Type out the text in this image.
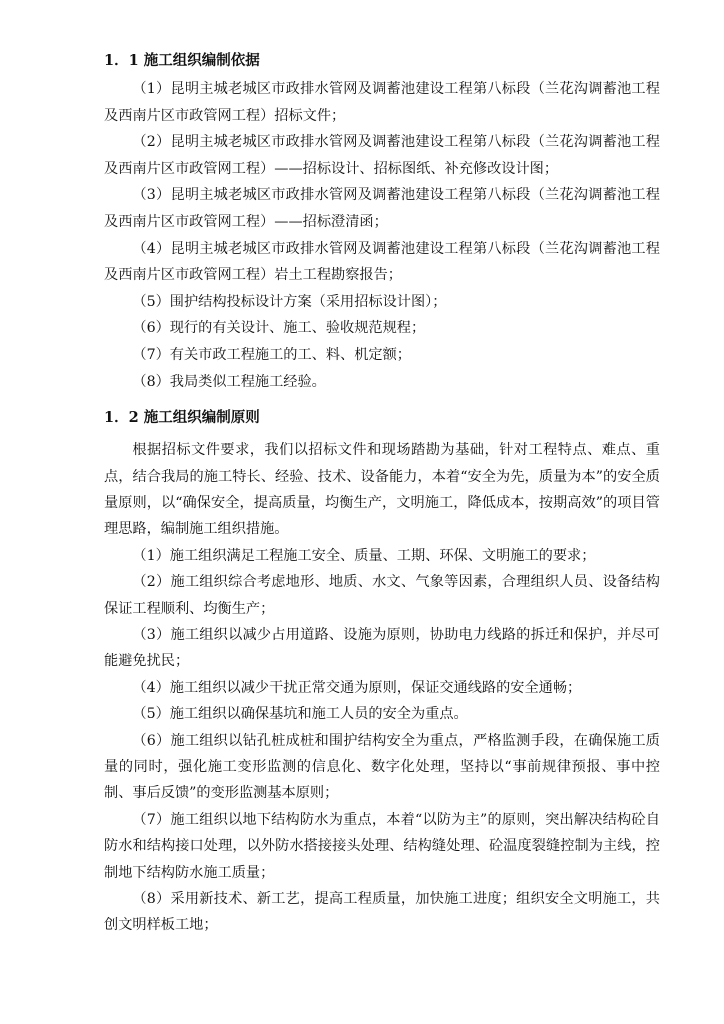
1．1 施工组织编制依据

（1）昆明主城老城区市政排水管网及调蓄池建设工程第八标段（兰花沟调蓄池工程及西南片区市政管网工程）招标文件；

（2）昆明主城老城区市政排水管网及调蓄池建设工程第八标段（兰花沟调蓄池工程及西南片区市政管网工程）——招标设计、招标图纸、补充修改设计图；

（3）昆明主城老城区市政排水管网及调蓄池建设工程第八标段（兰花沟调蓄池工程及西南片区市政管网工程）——招标澄清函；

（4）昆明主城老城区市政排水管网及调蓄池建设工程第八标段（兰花沟调蓄池工程及西南片区市政管网工程）岩土工程勘察报告；

（5）围护结构投标设计方案（采用招标设计图）；

（6）现行的有关设计、施工、验收规范规程；

（7）有关市政工程施工的工、料、机定额；

（8）我局类似工程施工经验。

1．2 施工组织编制原则

根据招标文件要求，我们以招标文件和现场踏勘为基础，针对工程特点、难点、重点，结合我局的施工特长、经验、技术、设备能力，本着“安全为先，质量为本”的安全质量原则，以“确保安全，提高质量，均衡生产，文明施工，降低成本，按期高效”的项目管理思路，编制施工组织措施。

（1）施工组织满足工程施工安全、质量、工期、环保、文明施工的要求；

（2）施工组织综合考虑地形、地质、水文、气象等因素，合理组织人员、设备结构保证工程顺利、均衡生产；

（3）施工组织以减少占用道路、设施为原则，协助电力线路的拆迁和保护，并尽可能避免扰民；

（4）施工组织以减少干扰正常交通为原则，保证交通线路的安全通畅；

（5）施工组织以确保基坑和施工人员的安全为重点。

（6）施工组织以钻孔桩成桩和围护结构安全为重点，严格监测手段，在确保施工质量的同时，强化施工变形监测的信息化、数字化处理，坚持以“事前规律预报、事中控制、事后反馈”的变形监测基本原则；

（7）施工组织以地下结构防水为重点，本着“以防为主”的原则，突出解决结构砼自防水和结构接口处理，以外防水搭接接头处理、结构缝处理、砼温度裂缝控制为主线，控制地下结构防水施工质量；

（8）采用新技术、新工艺，提高工程质量，加快施工进度；组织安全文明施工，共创文明样板工地；
